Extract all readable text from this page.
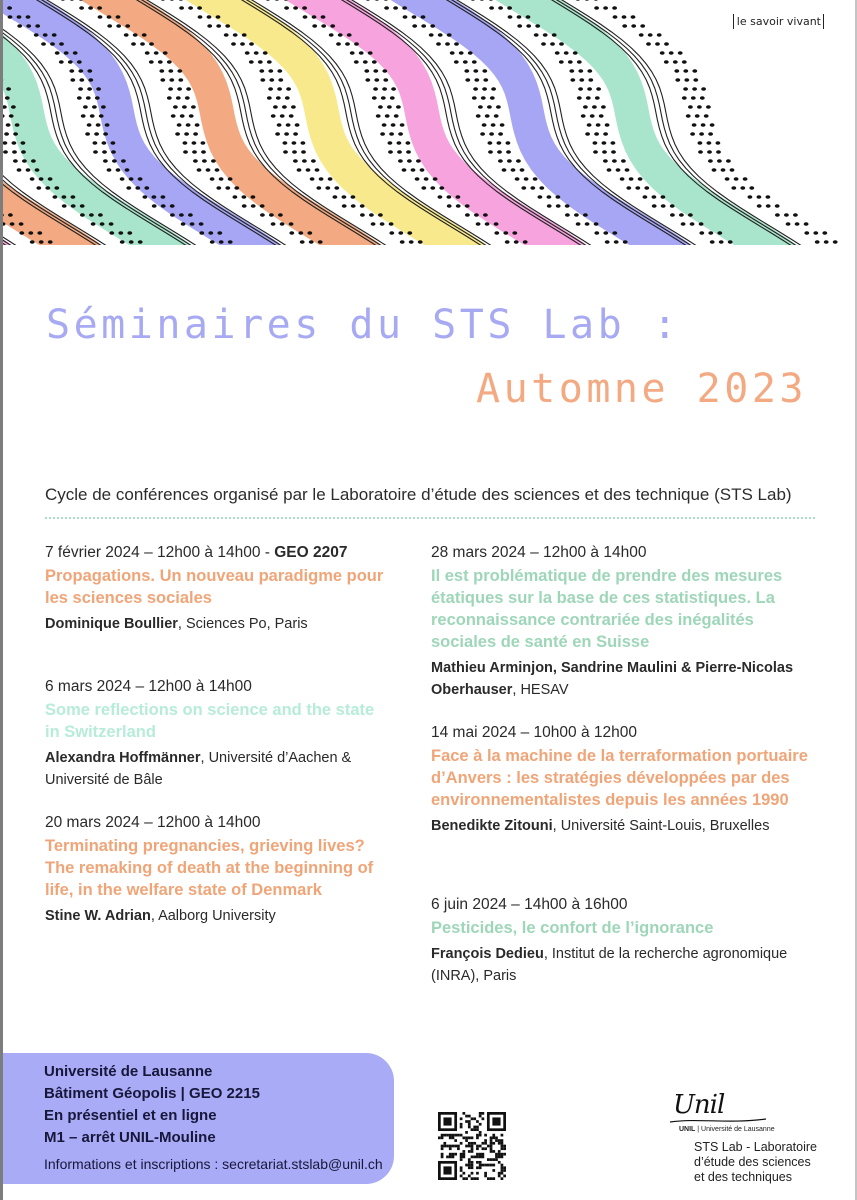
le savoir vivant
Séminaires du STS Lab :
Automne 2023
Cycle de conférences organisé par le Laboratoire d’étude des sciences et des technique (STS Lab)
7 février 2024 – 12h00 à 14h00 - GEO 2207
Propagations. Un nouveau paradigme pour les sciences sociales
Dominique Boullier, Sciences Po, Paris
6 mars 2024 – 12h00 à 14h00
Some reflections on science and the state in Switzerland
Alexandra Hoffmänner, Université d’Aachen & Université de Bâle
20 mars 2024 – 12h00 à 14h00
Terminating pregnancies, grieving lives? The remaking of death at the beginning of life, in the welfare state of Denmark
Stine W. Adrian, Aalborg University
28 mars 2024 – 12h00 à 14h00
Il est problématique de prendre des mesures étatiques sur la base de ces statistiques. La reconnaissance contrariée des inégalités sociales de santé en Suisse
Mathieu Arminjon, Sandrine Maulini & Pierre-Nicolas Oberhauser, HESAV
14 mai 2024 – 10h00 à 12h00
Face à la machine de la terraformation portuaire d’Anvers : les stratégies développées par des environnementalistes depuis les années 1990
Benedikte Zitouni, Université Saint-Louis, Bruxelles
6 juin 2024 – 14h00 à 16h00
Pesticides, le confort de l’ignorance
François Dedieu, Institut de la recherche agronomique (INRA), Paris
Université de Lausanne
Bâtiment Géopolis | GEO 2215
En présentiel et en ligne
M1 – arrêt UNIL-Mouline
Informations et inscriptions : secretariat.stslab@unil.ch
Unil
UNIL | Université de Lausanne
STS Lab - Laboratoire
d’étude des sciences
et des techniques
